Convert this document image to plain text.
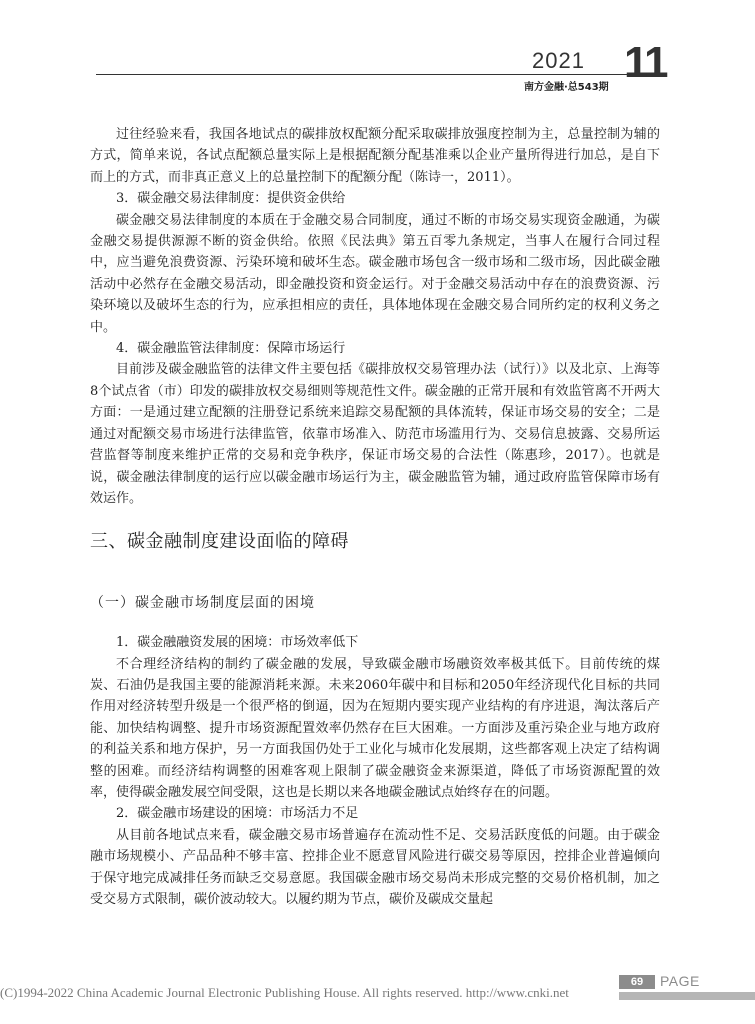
2021 11
南方金融·总543期

过往经验来看，我国各地试点的碳排放权配额分配采取碳排放强度控制为主，总量控制为辅的方式，简单来说，各试点配额总量实际上是根据配额分配基准乘以企业产量所得进行加总，是自下而上的方式，而非真正意义上的总量控制下的配额分配（陈诗一，2011）。

3．碳金融交易法律制度：提供资金供给

碳金融交易法律制度的本质在于金融交易合同制度，通过不断的市场交易实现资金融通，为碳金融交易提供源源不断的资金供给。依照《民法典》第五百零九条规定，当事人在履行合同过程中，应当避免浪费资源、污染环境和破坏生态。碳金融市场包含一级市场和二级市场，因此碳金融活动中必然存在金融交易活动，即金融投资和资金运行。对于金融交易活动中存在的浪费资源、污染环境以及破坏生态的行为，应承担相应的责任，具体地体现在金融交易合同所约定的权利义务之中。

4．碳金融监管法律制度：保障市场运行

目前涉及碳金融监管的法律文件主要包括《碳排放权交易管理办法（试行）》以及北京、上海等8个试点省（市）印发的碳排放权交易细则等规范性文件。碳金融的正常开展和有效监管离不开两大方面：一是通过建立配额的注册登记系统来追踪交易配额的具体流转，保证市场交易的安全；二是通过对配额交易市场进行法律监管，依靠市场准入、防范市场滥用行为、交易信息披露、交易所运营监督等制度来维护正常的交易和竞争秩序，保证市场交易的合法性（陈惠珍，2017）。也就是说，碳金融法律制度的运行应以碳金融市场运行为主，碳金融监管为辅，通过政府监管保障市场有效运作。

三、碳金融制度建设面临的障碍

（一）碳金融市场制度层面的困境

1．碳金融融资发展的困境：市场效率低下

不合理经济结构的制约了碳金融的发展，导致碳金融市场融资效率极其低下。目前传统的煤炭、石油仍是我国主要的能源消耗来源。未来2060年碳中和目标和2050年经济现代化目标的共同作用对经济转型升级是一个很严格的倒逼，因为在短期内要实现产业结构的有序进退，淘汰落后产能、加快结构调整、提升市场资源配置效率仍然存在巨大困难。一方面涉及重污染企业与地方政府的利益关系和地方保护，另一方面我国仍处于工业化与城市化发展期，这些都客观上决定了结构调整的困难。而经济结构调整的困难客观上限制了碳金融资金来源渠道，降低了市场资源配置的效率，使得碳金融发展空间受限，这也是长期以来各地碳金融试点始终存在的问题。

2．碳金融市场建设的困境：市场活力不足

从目前各地试点来看，碳金融交易市场普遍存在流动性不足、交易活跃度低的问题。由于碳金融市场规模小、产品品种不够丰富、控排企业不愿意冒风险进行碳交易等原因，控排企业普遍倾向于保守地完成减排任务而缺乏交易意愿。我国碳金融市场交易尚未形成完整的交易价格机制，加之受交易方式限制，碳价波动较大。以履约期为节点，碳价及碳成交量起

69	PAGE
(C)1994-2022 China Academic Journal Electronic Publishing House. All rights reserved. http://www.cnki.net
